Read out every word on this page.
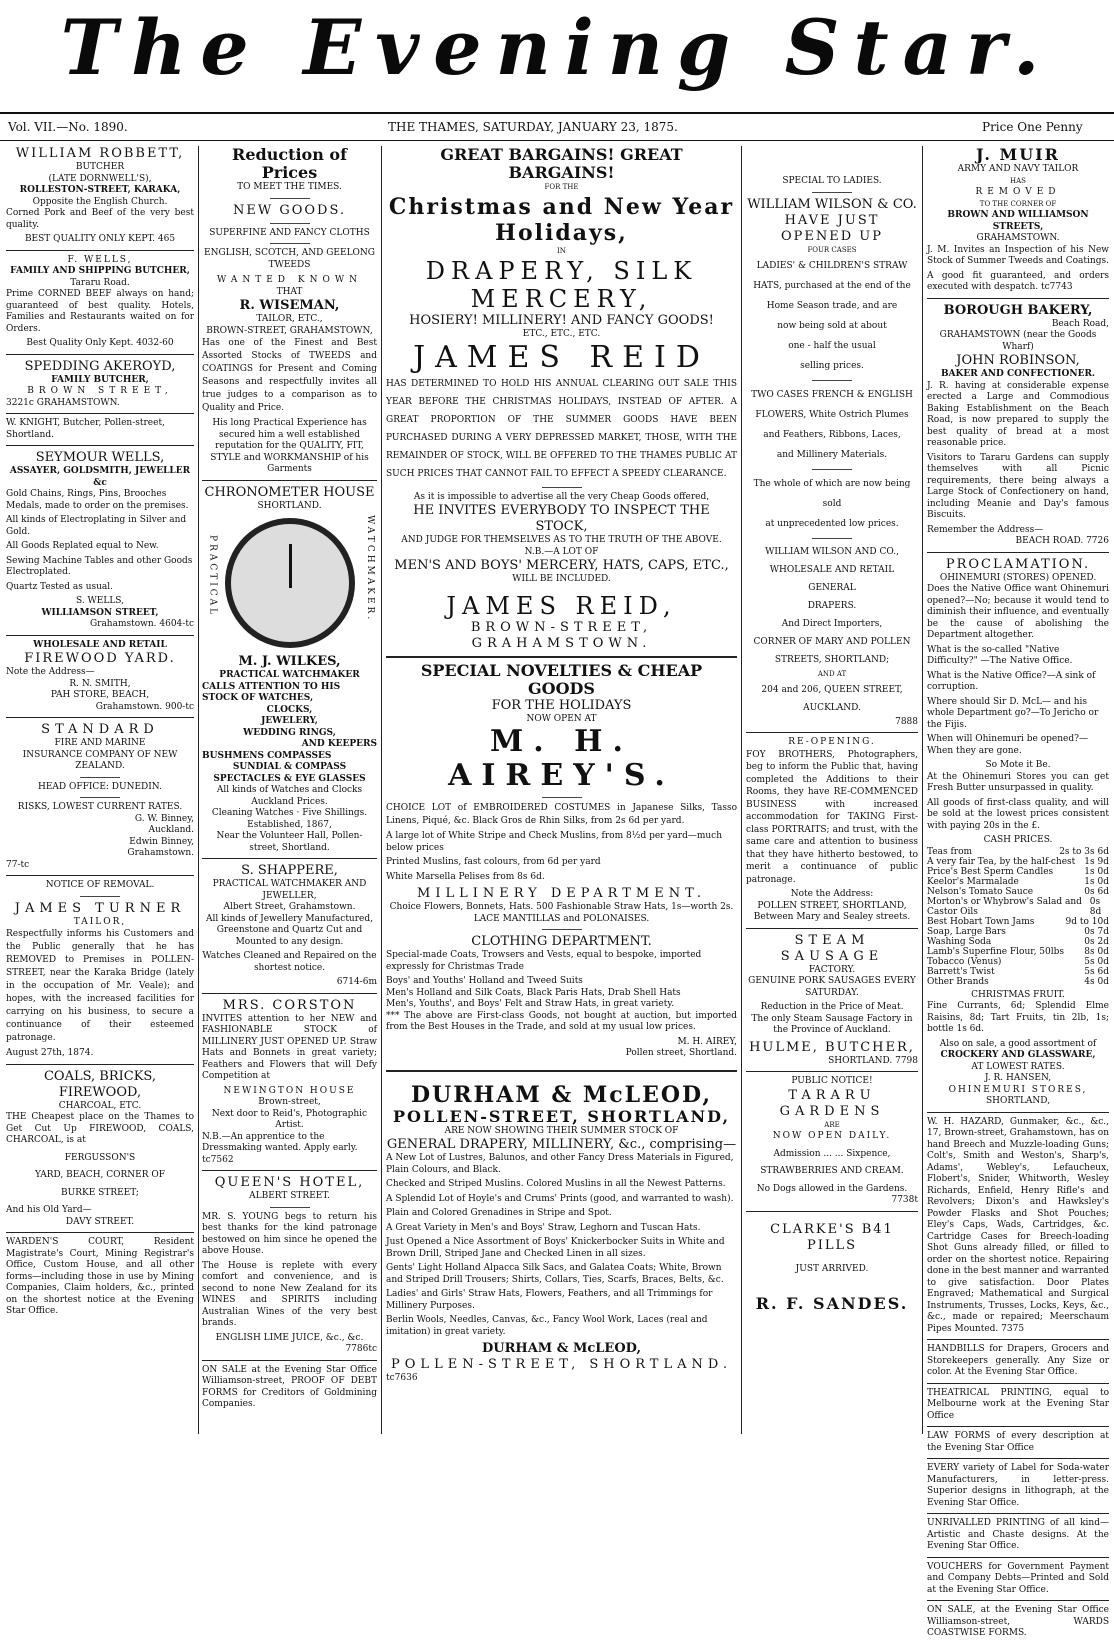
The Evening Star.
Vol. VII.—No. 1890.	THE THAMES, SATURDAY, JANUARY 23, 1875.	Price One Penny
WILLIAM ROBBETT,
BUTCHER
(LATE DORNWELL'S),
ROLLESTON-STREET, KARAKA,
Opposite the English Church.

Corned Pork and Beef of the very best quality.

BEST QUALITY ONLY KEPT. 465
F. WELLS,
FAMILY AND SHIPPING BUTCHER,
Tararu Road.

Prime CORNED BEEF always on hand; guaranteed of best quality. Hotels, Families and Restaurants waited on for Orders.

Best Quality Only Kept. 4032-60
SPEDDING AKEROYD,
FAMILY BUTCHER,
BROWN STREET,
3221c GRAHAMSTOWN.

W. KNIGHT, Butcher, Pollen-street, Shortland.

SEYMOUR WELLS,
ASSAYER, GOLDSMITH, JEWELLER &c

Gold Chains, Rings, Pins, Brooches Medals, made to order on the premises.

All kinds of Electroplating in Silver and Gold.

All Goods Replated equal to New.

Sewing Machine Tables and other Goods Electroplated.

Quartz Tested as usual.

S. WELLS,
WILLIAMSON STREET,
Grahamstown. 4604-tc
WHOLESALE AND RETAIL
FIREWOOD YARD.
Note the Address—
R. N. SMITH,
PAH STORE, BEACH,
Grahamstown. 900-tc
STANDARD
FIRE AND MARINE
INSURANCE COMPANY OF NEW
ZEALAND.
HEAD OFFICE: DUNEDIN.
RISKS, LOWEST CURRENT RATES.
G. W. Binney,
Auckland.
Edwin Binney,
Grahamstown.
77-tc
NOTICE OF REMOVAL.
JAMES TURNER
TAILOR,

Respectfully informs his Customers and the Public generally that he has REMOVED to Premises in POLLEN-STREET, near the Karaka Bridge (lately in the occupation of Mr. Veale); and hopes, with the increased facilities for carrying on his business, to secure a continuance of their esteemed patronage.

August 27th, 1874.
COALS, BRICKS, FIREWOOD,
CHARCOAL, ETC.

THE Cheapest place on the Thames to Get Cut Up FIREWOOD, COALS, CHARCOAL, is at

FERGUSSON'S
YARD, BEACH, CORNER OF
BURKE STREET;
And his Old Yard—
DAVY STREET.

WARDEN'S COURT, Resident Magistrate's Court, Mining Registrar's Office, Custom House, and all other forms—including those in use by Mining Companies, Claim holders, &c., printed on the shortest notice at the Evening Star Office.

Reduction of Prices
TO MEET THE TIMES.
NEW GOODS.
SUPERFINE AND FANCY CLOTHS
ENGLISH, SCOTCH, AND GEELONG TWEEDS
WANTED KNOWN
THAT
R. WISEMAN,
TAILOR, ETC.,
BROWN-STREET, GRAHAMSTOWN,

Has one of the Finest and Best Assorted Stocks of TWEEDS and COATINGS for Present and Coming Seasons and respectfully invites all true judges to a comparison as to Quality and Price.

His long Practical Experience has secured him a well established reputation for the QUALITY, FIT, STYLE and WORKMANSHIP of his Garments

CHRONOMETER HOUSE
SHORTLAND.
PRACTICAL	WATCHMAKER.
M. J. WILKES,
PRACTICAL WATCHMAKER
CALLS ATTENTION TO HIS STOCK OF WATCHES,
CLOCKS,
JEWELERY,
WEDDING RINGS,
AND KEEPERS
BUSHMENS COMPASSES
SUNDIAL & COMPASS
SPECTACLES & EYE GLASSES
All kinds of Watches and Clocks Auckland Prices.
Cleaning Watches · Five Shillings.
Established, 1867,
Near the Volunteer Hall, Pollen-street, Shortland.
S. SHAPPERE,
PRACTICAL WATCHMAKER AND JEWELLER,
Albert Street, Grahamstown.

All kinds of Jewellery Manufactured, Greenstone and Quartz Cut and Mounted to any design.

Watches Cleaned and Repaired on the shortest notice.

6714-6m
MRS. CORSTON

INVITES attention to her NEW and FASHIONABLE STOCK of MILLINERY JUST OPENED UP. Straw Hats and Bonnets in great variety; Feathers and Flowers that will Defy Competition at

NEWINGTON HOUSE
Brown-street,
Next door to Reid's, Photographic Artist.

N.B.—An apprentice to the Dressmaking wanted. Apply early. tc7562

QUEEN'S HOTEL,
ALBERT STREET.

MR. S. YOUNG begs to return his best thanks for the kind patronage bestowed on him since he opened the above House.

The House is replete with every comfort and convenience, and is second to none New Zealand for its WINES and SPIRITS including Australian Wines of the very best brands.

ENGLISH LIME JUICE, &c., &c.
7786tc

ON SALE at the Evening Star Office Williamson-street, PROOF OF DEBT FORMS for Creditors of Goldmining Companies.

GREAT BARGAINS! GREAT BARGAINS!
FOR THE
Christmas and New Year Holidays,
IN
DRAPERY, SILK MERCERY,
HOSIERY! MILLINERY! AND FANCY GOODS!
ETC., ETC., ETC.
JAMES REID

HAS DETERMINED TO HOLD HIS ANNUAL CLEARING OUT SALE THIS YEAR BEFORE THE CHRISTMAS HOLIDAYS, INSTEAD OF AFTER. A GREAT PROPORTION OF THE SUMMER GOODS HAVE BEEN PURCHASED DURING A VERY DEPRESSED MARKET, THOSE, WITH THE REMAINDER OF STOCK, WILL BE OFFERED TO THE THAMES PUBLIC AT SUCH PRICES THAT CANNOT FAIL TO EFFECT A SPEEDY CLEARANCE.

As it is impossible to advertise all the very Cheap Goods offered,
HE INVITES EVERYBODY TO INSPECT THE STOCK,
AND JUDGE FOR THEMSELVES AS TO THE TRUTH OF THE ABOVE.
N.B.—A LOT OF
MEN'S AND BOYS' MERCERY, HATS, CAPS, ETC.,
WILL BE INCLUDED.
JAMES REID,
BROWN-STREET, GRAHAMSTOWN.
SPECIAL NOVELTIES & CHEAP GOODS
FOR THE HOLIDAYS
NOW OPEN AT
M. H. AIREY'S.

CHOICE LOT of EMBROIDERED COSTUMES in Japanese Silks, Tasso Linens, Piqué, &c. Black Gros de Rhin Silks, from 2s 6d per yard.

A large lot of White Stripe and Check Muslins, from 8½d per yard—much below prices

Printed Muslins, fast colours, from 6d per yard

White Marsella Pelises from 8s 6d.

MILLINERY DEPARTMENT.

Choice Flowers, Bonnets, Hats. 500 Fashionable Straw Hats, 1s—worth 2s. LACE MANTILLAS and POLONAISES.

CLOTHING DEPARTMENT.

Special-made Coats, Trowsers and Vests, equal to bespoke, imported expressly for Christmas Trade

Boys' and Youths' Holland and Tweed Suits
Men's Holland and Silk Coats, Black Paris Hats, Drab Shell Hats
Men's, Youths', and Boys' Felt and Straw Hats, in great variety.

*** The above are First-class Goods, not bought at auction, but imported from the Best Houses in the Trade, and sold at my usual low prices.

M. H. AIREY,
Pollen street, Shortland.
DURHAM & McLEOD,
POLLEN-STREET, SHORTLAND,
ARE NOW SHOWING THEIR SUMMER STOCK OF
GENERAL DRAPERY, MILLINERY, &c., comprising—

A New Lot of Lustres, Balunos, and other Fancy Dress Materials in Figured, Plain Colours, and Black.

Checked and Striped Muslins. Colored Muslins in all the Newest Patterns.

A Splendid Lot of Hoyle's and Crums' Prints (good, and warranted to wash).

Plain and Colored Grenadines in Stripe and Spot.

A Great Variety in Men's and Boys' Straw, Leghorn and Tuscan Hats.

Just Opened a Nice Assortment of Boys' Knickerbocker Suits in White and Brown Drill, Striped Jane and Checked Linen in all sizes.

Gents' Light Holland Alpacca Silk Sacs, and Galatea Coats; White, Brown and Striped Drill Trousers; Shirts, Collars, Ties, Scarfs, Braces, Belts, &c.

Ladies' and Girls' Straw Hats, Flowers, Feathers, and all Trimmings for Millinery Purposes.

Berlin Wools, Needles, Canvas, &c., Fancy Wool Work, Laces (real and imitation) in great variety.

DURHAM & McLEOD,
POLLEN-STREET, SHORTLAND.
tc7636
SPECIAL TO LADIES.
WILLIAM WILSON & CO.
HAVE JUST OPENED UP
FOUR CASES
LADIES' & CHILDREN'S STRAW
HATS, purchased at the end of the
Home Season trade, and are
now being sold at about
one - half the usual
selling prices.
TWO CASES FRENCH & ENGLISH
FLOWERS, White Ostrich Plumes
and Feathers, Ribbons, Laces,
and Millinery Materials.
The whole of which are now being sold
at unprecedented low prices.
WILLIAM WILSON AND CO.,
WHOLESALE AND RETAIL GENERAL
DRAPERS.
And Direct Importers,
CORNER OF MARY AND POLLEN
STREETS, SHORTLAND;
AND AT
204 and 206, QUEEN STREET,
AUCKLAND.
7888
RE-OPENING.

FOY BROTHERS, Photographers, beg to inform the Public that, having completed the Additions to their Rooms, they have RE-COMMENCED BUSINESS with increased accommodation for TAKING First-class PORTRAITS; and trust, with the same care and attention to business that they have hitherto bestowed, to merit a continuance of public patronage.

Note the Address:
POLLEN STREET, SHORTLAND,
Between Mary and Sealey streets.
STEAM SAUSAGE
FACTORY.

GENUINE PORK SAUSAGES EVERY SATURDAY.

Reduction in the Price of Meat.

The only Steam Sausage Factory in the Province of Auckland.

HULME, BUTCHER,
SHORTLAND. 7798
PUBLIC NOTICE!
TARARU GARDENS
ARE
NOW OPEN DAILY.
Admission ... ... Sixpence,
STRAWBERRIES AND CREAM.
No Dogs allowed in the Gardens.
7738t
CLARKE'S B41 PILLS
JUST ARRIVED.
R. F. SANDES.
J. MUIR
ARMY AND NAVY TAILOR
HAS
REMOVED
TO THE CORNER OF
BROWN AND WILLIAMSON STREETS,
GRAHAMSTOWN.

J. M. Invites an Inspection of his New Stock of Summer Tweeds and Coatings.

A good fit guaranteed, and orders executed with despatch. tc7743

BOROUGH BAKERY,
Beach Road,
GRAHAMSTOWN (near the Goods Wharf)
JOHN ROBINSON,
BAKER AND CONFECTIONER.

J. R. having at considerable expense erected a Large and Commodious Baking Establishment on the Beach Road, is now prepared to supply the best quality of bread at a most reasonable price.

Visitors to Tararu Gardens can supply themselves with all Picnic requirements, there being always a Large Stock of Confectionery on hand, including Meanie and Day's famous Biscuits.

Remember the Address—
BEACH ROAD. 7726
PROCLAMATION.
OHINEMURI (STORES) OPENED.

Does the Native Office want Ohinemuri opened?—No; because it would tend to diminish their influence, and eventually be the cause of abolishing the Department altogether.

What is the so-called "Native Difficulty?" —The Native Office.

What is the Native Office?—A sink of corruption.

Where should Sir D. McL— and his whole Department go?—To Jericho or the Fijis.

When will Ohinemuri be opened?—When they are gone.

So Mote it Be.

At the Ohinemuri Stores you can get Fresh Butter unsurpassed in quality.

All goods of first-class quality, and will be sold at the lowest prices consistent with paying 20s in the £.

CASH PRICES.
Teas from	2s to 3s 6d
A very fair Tea, by the half-chest 1s 9d
Price's Best Sperm Candles	1s 0d
Keelor's Marmalade	1s 0d
Nelson's Tomato Sauce	0s 6d
Morton's or Whybrow's Salad and Castor Oils
0s 8d
Best Hobart Town Jams	9d to 10d
Soap, Large Bars	0s 7d
Washing Soda	0s 2d
Lamb's Superfine Flour, 50lbs 8s 0d
Tobacco (Venus)	5s 0d
Barrett's Twist	5s 6d
Other Brands	4s 0d
CHRISTMAS FRUIT.

Fine Currants, 6d; Splendid Elme Raisins, 8d; Tart Fruits, tin 2lb, 1s; bottle 1s 6d.

Also on sale, a good assortment of
CROCKERY AND GLASSWARE,
AT LOWEST RATES.
J. R. HANSEN,
OHINEMURI STORES,
SHORTLAND,

W. H. HAZARD, Gunmaker, &c., &c., 17, Brown-street, Grahamstown, has on hand Breech and Muzzle-loading Guns; Colt's, Smith and Weston's, Sharp's, Adams', Webley's, Lefaucheux, Flobert's, Snider, Whitworth, Wesley Richards, Enfield, Henry Rifle's and Revolvers; Dixon's and Hawksley's Powder Flasks and Shot Pouches; Eley's Caps, Wads, Cartridges, &c. Cartridge Cases for Breech-loading Shot Guns already filled, or filled to order on the shortest notice. Repairing done in the best manner and warranted to give satisfaction. Door Plates Engraved; Mathematical and Surgical Instruments, Trusses, Locks, Keys, &c., &c., made or repaired; Meerschaum Pipes Mounted. 7375

HANDBILLS for Drapers, Grocers and Storekeepers generally. Any Size or color. At the Evening Star Office.

THEATRICAL PRINTING, equal to Melbourne work at the Evening Star Office

LAW FORMS of every description at the Evening Star Office

EVERY variety of Label for Soda-water Manufacturers, in letter-press. Superior designs in lithograph, at the Evening Star Office.

UNRIVALLED PRINTING of all kind—Artistic and Chaste designs. At the Evening Star Office.

VOUCHERS for Government Payment and Company Debts—Printed and Sold at the Evening Star Office.

ON SALE, at the Evening Star Office Williamson-street, WARDS COASTWISE FORMS.
